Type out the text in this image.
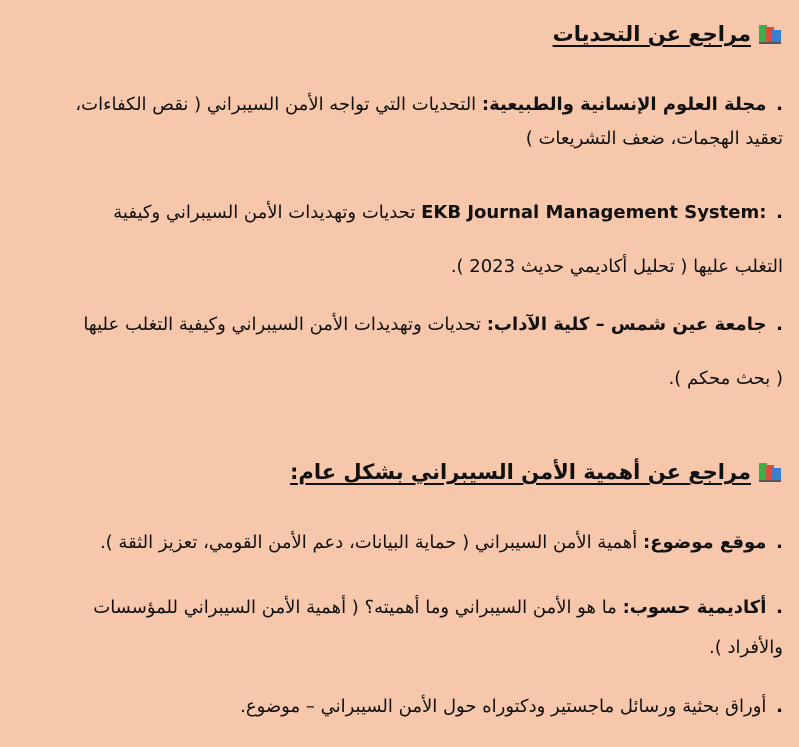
مراجع عن التحديات
. مجلة العلوم الإنسانية والطبيعية: التحديات التي تواجه الأمن السيبراني ( نقص الكفاءات،
تعقيد الهجمات، ضعف التشريعات )
. EKB Journal Management System: تحديات وتهديدات الأمن السيبراني وكيفية
التغلب عليها ( تحليل أكاديمي حديث 2023 ).
. جامعة عين شمس – كلية الآداب: تحديات وتهديدات الأمن السيبراني وكيفية التغلب عليها
( بحث محكم ).
مراجع عن أهمية الأمن السيبراني بشكل عام:
. موقع موضوع: أهمية الأمن السيبراني ( حماية البيانات، دعم الأمن القومي، تعزيز الثقة ).
. أكاديمية حسوب: ما هو الأمن السيبراني وما أهميته؟ ( أهمية الأمن السيبراني للمؤسسات
والأفراد ).
. أوراق بحثية ورسائل ماجستير ودكتوراه حول الأمن السيبراني – موضوع.
